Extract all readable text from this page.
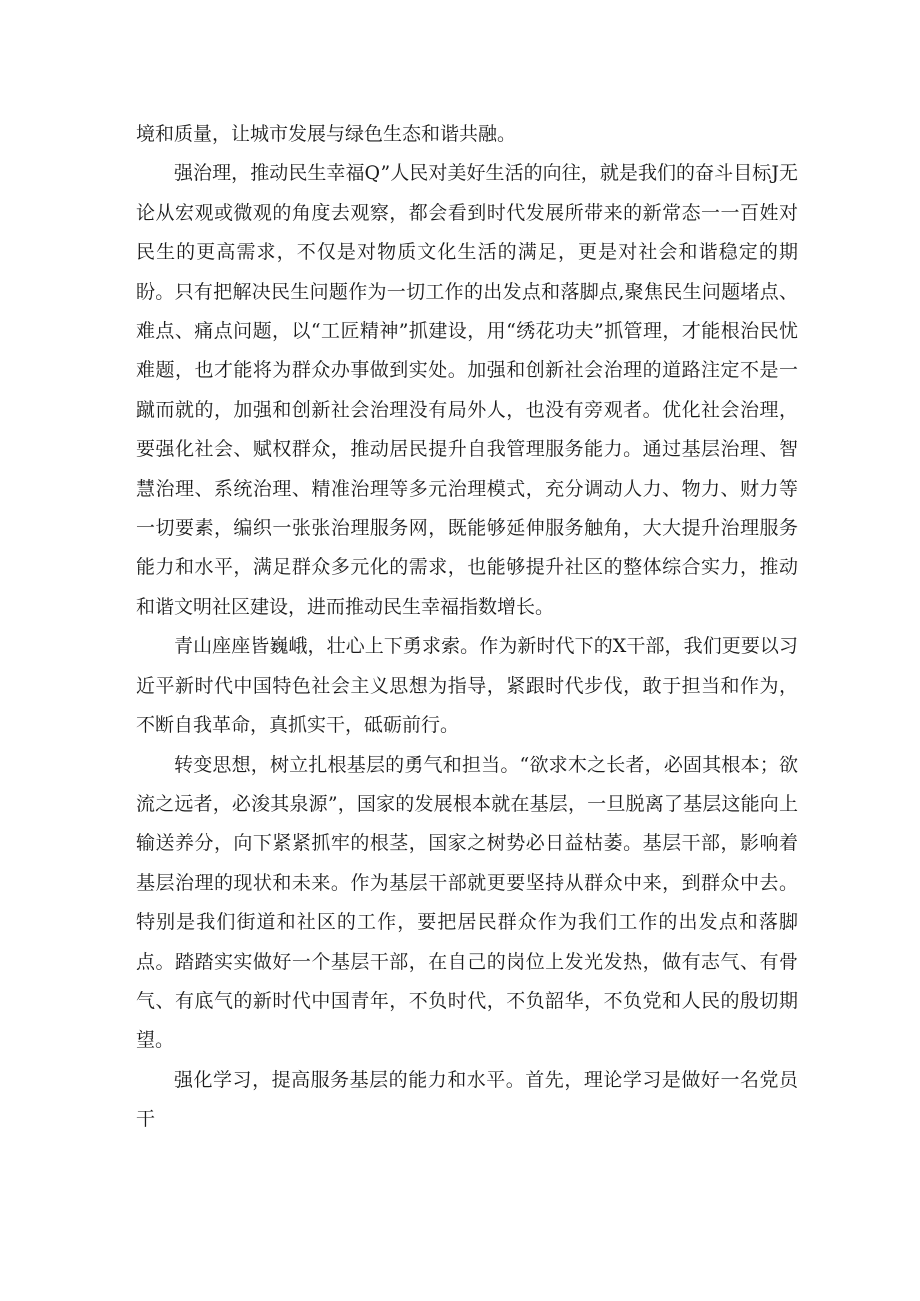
境和质量，让城市发展与绿色生态和谐共融。

强治理，推动民生幸福Q”人民对美好生活的向往，就是我们的奋斗目标J无论从宏观或微观的角度去观察，都会看到时代发展所带来的新常态一一百姓对民生的更高需求，不仅是对物质文化生活的满足，更是对社会和谐稳定的期盼。只有把解决民生问题作为一切工作的出发点和落脚点,聚焦民生问题堵点、难点、痛点问题，以“工匠精神”抓建设，用“绣花功夫”抓管理，才能根治民忧难题，也才能将为群众办事做到实处。加强和创新社会治理的道路注定不是一蹴而就的，加强和创新社会治理没有局外人，也没有旁观者。优化社会治理，要强化社会、赋权群众，推动居民提升自我管理服务能力。通过基层治理、智慧治理、系统治理、精准治理等多元治理模式，充分调动人力、物力、财力等一切要素，编织一张张治理服务网，既能够延伸服务触角，大大提升治理服务能力和水平，满足群众多元化的需求，也能够提升社区的整体综合实力，推动和谐文明社区建设，进而推动民生幸福指数增长。

青山座座皆巍峨，壮心上下勇求索。作为新时代下的X干部，我们更要以习近平新时代中国特色社会主义思想为指导，紧跟时代步伐，敢于担当和作为，不断自我革命，真抓实干，砥砺前行。

转变思想，树立扎根基层的勇气和担当。“欲求木之长者，必固其根本；欲流之远者，必浚其泉源”，国家的发展根本就在基层，一旦脱离了基层这能向上输送养分，向下紧紧抓牢的根茎，国家之树势必日益枯萎。基层干部，影响着基层治理的现状和未来。作为基层干部就更要坚持从群众中来，到群众中去。特别是我们街道和社区的工作，要把居民群众作为我们工作的出发点和落脚点。踏踏实实做好一个基层干部，在自己的岗位上发光发热，做有志气、有骨气、有底气的新时代中国青年，不负时代，不负韶华，不负党和人民的殷切期望。

强化学习，提高服务基层的能力和水平。首先，理论学习是做好一名党员干
